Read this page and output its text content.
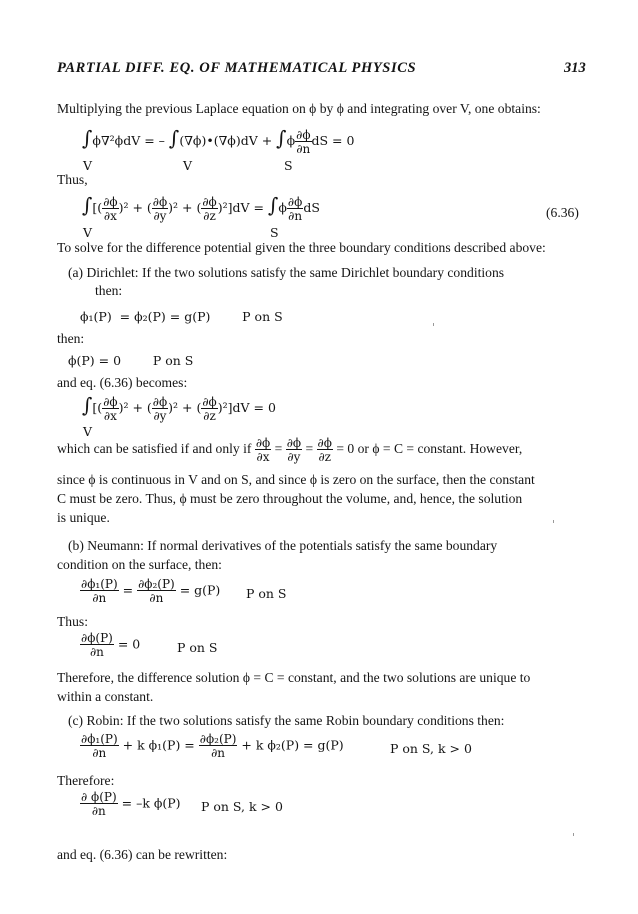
PARTIAL DIFF. EQ. OF MATHEMATICAL PHYSICS	313
Multiplying the previous Laplace equation on ϕ by ϕ and integrating over V, one obtains:
∫ϕ∇²ϕdV = – ∫(∇ϕ)•(∇ϕ)dV + $\int\phi \frac{\partial\phi}{\partial n}$ dS = 0
V	V	S
Thus,
∫[( $\frac{\partial\phi}{\partial x} )^2$ + ( $\frac{\partial\phi}{\partial y} )^2$ + ( $\frac{\partial\phi}{\partial z} )^2]dV = \int\phi \frac{\partial\phi}{\partial n}$ dS
V	S
(6.36)
To solve for the difference potential given the three boundary conditions described above:
(a) Dirichlet: If the two solutions satisfy the same Dirichlet boundary conditions
then:
ϕ₁(P)  = ϕ₂(P) = g(P)        P on S
then:
ϕ(P) = 0        P on S
and eq. (6.36) becomes:
∫[( $\frac{\partial\phi}{\partial x} )^2$ + ( $\frac{\partial\phi}{\partial y} )^2$ + ( $\frac{\partial\phi}{\partial z} )^2]dV = 0$
V
which can be satisfied if and only if $\frac{\partial\phi}{\partial x} = \frac{\partial\phi}{\partial y} = \frac{\partial\phi}{\partial z} = 0$ or ϕ = C = constant. However,
since ϕ is continuous in V and on S, and since ϕ is zero on the surface, then the constant
C must be zero. Thus, ϕ must be zero throughout the volume, and, hence, the solution
is unique.
(b) Neumann: If normal derivatives of the potentials satisfy the same boundary
condition on the surface, then:
$\frac{\text{∂ϕ₁(P)}}{\partial n} = \frac{\text{∂ϕ₂(P)}}{\partial n} = g(P)$ P on S
Thus:
$\frac{\partial\phi(P)}{\partial n} = 0$	P on S
Therefore, the difference solution ϕ = C = constant, and the two solutions are unique to
within a constant.
(c) Robin: If the two solutions satisfy the same Robin boundary conditions then:
$\frac{\text{∂ϕ₁(P)}}{\partial n} + k$ $\phi_1(P) = \frac{\text{∂ϕ₂(P)}}{\partial n} + k$ ϕ₂(P) = g(P)	P on S, k > 0
Therefore:
$\frac{\partial \phi(P)}{\partial n} = -k$ ϕ(P) P on S, k > 0
and eq. (6.36) can be rewritten:
